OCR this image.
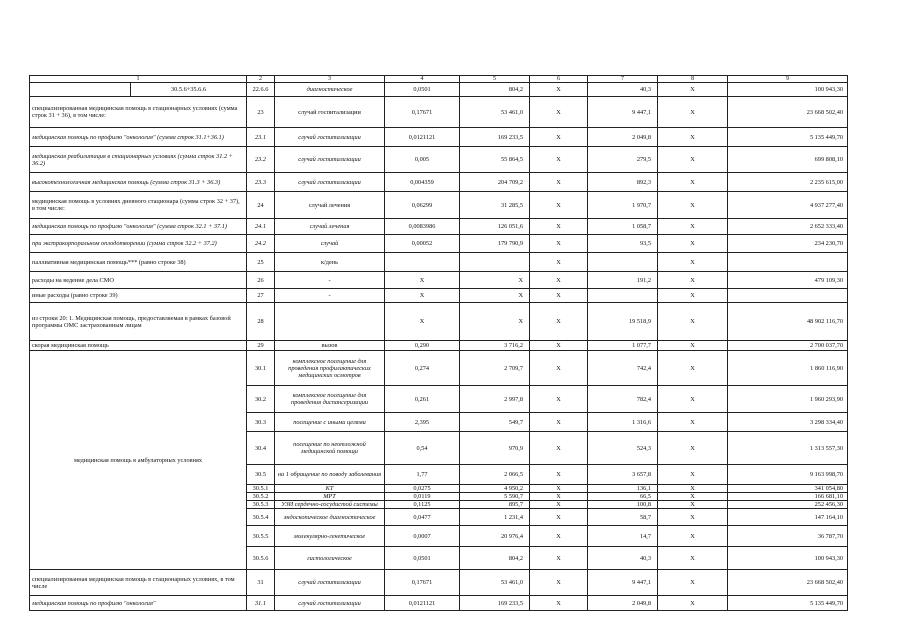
1	2	3	4	5	6	7	8	9	

30.5.6+35.6.6	22.6.6	диагностическое	0,0501	804,2	X	40,3	X	100 943,30	
специализированная медицинская помощь в стационарных условиях (сумма строк 31 + 36), в том числе:	23	случай госпитализации	0,17671	53 461,0	X	9 447,1	X	23 668 502,40	
медицинская помощь по профилю "онкология" (сумма строк 31.1+36.1)	23.1	случай госпитализации	0,0121121	169 233,5	X	2 049,8	X	5 135 449,70	
медицинская реабилитация в стационарных условиях (сумма строк 31.2 + 36.2)	23.2	случай госпитализации	0,005	55 864,5	X	279,5	X	699 808,10	
высокотехнологичная медицинская помощь (сумма строк 31.3 + 36.3)	23.3	случай госпитализации	0,004359	204 709,2	X	892,3	X	2 235 615,00	
медицинская помощь в условиях дневного стационара (сумма строк 32 + 37), в том числе:	24	случай лечения	0,06299	31 285,5	X	1 970,7	X	4 937 277,40	
медицинская помощь по профилю "онкология" (сумма строк 32.1 + 37.1)	24.1	случай лечения	0,0083986	126 051,6	X	1 058,7	X	2 652 333,40	
при экстракорпоральном оплодотворении (сумма строк 32.2 + 37.2)	24.2	случай	0,00052	179 790,9	X	93,5	X	234 230,70	
паллиативная медицинская помощь*** (равно строке 38)	25	к/день			X		X		
расходы на ведение дела СМО	26	-	X	X	X	191,2	X	479 109,30	
иные расходы (равно строке 39)	27	-	X	X	X		X		
из строки 20: 1. Медицинская помощь, предоставляемая в рамках базовой программы ОМС застрахованным лицам	28		X	X	X	19 518,9	X	48 902 116,70	
скорая медицинская помощь	29	вызов	0,290	3 716,2	X	1 077,7	X	2 700 037,70	
медицинская помощь в амбулаторных условиях	30.1	комплексное посещение для проведения профилактических медицинских осмотров	0,274	2 709,7	X	742,4	X	1 860 116,90	
	30.2	комплексное посещение для проведения диспансеризации	0,261	2 997,8	X	782,4	X	1 960 293,90	
	30.3	посещение с иными целями	2,395	549,7	X	1 316,6	X	3 298 334,40	
	30.4	посещение по неотложной медицинской помощи	0,54	970,9	X	524,3	X	1 313 557,30	
	30.5	на 1 обращение по поводу заболевания	1,77	2 066,5	X	3 657,8	X	9 163 998,70	
	30.5.1	КТ	0,0275	4 950,2	X	136,1	X	341 054,80	
	30.5.2	МРТ	0,0119	5 590,7	X	66,5	X	166 681,10	
	30.5.3	УЗИ сердечно-сосудистой системы	0,1125	895,7	X	100,8	X	252 456,30	
	30.5.4	эндоскопическое диагностическое	0,0477	1 231,4	X	58,7	X	147 164,10	
	30.5.5	молекулярно-генетическое	0,0007	20 976,4	X	14,7	X	36 787,70	
	30.5.6	гистологическое	0,0501	804,2	X	40,3	X	100 943,30	
специализированная медицинская помощь в стационарных условиях, в том числе	31	случай госпитализации	0,17671	53 461,0	X	9 447,1	X	23 668 502,40	
медицинская помощь по профилю "онкология"	31.1	случай госпитализации	0,0121121	169 233,5	X	2 049,8	X	5 135 449,70	
